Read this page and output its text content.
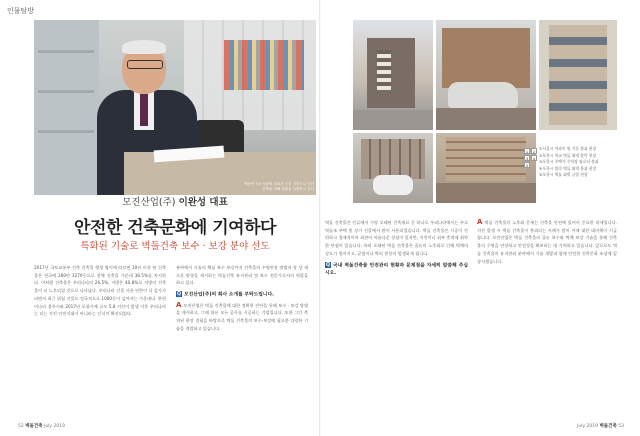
인물탐방
백동연구소 이완성 대표가 포항 지진으로 인한 건축물 피해 상황을 설명하고 있다
모진산업(주) 이완성 대표
안전한 건축문화에 기여하다
특화된 기술로 벽돌건축 보수 · 보강 분야 선도
2017년 국토교통부 건축 건축물 행정 법이에 따르면 30년 이상 된 건축물은 전국에 280만 3270동으로 전체 건축물 가운데 38.5%를 차지한다. 이처럼 건축물은 우리나라의 26.5%, 지방은 40.8%로 지방의 건축물이 더 노후되었 것으로 나타났다. 우리나라 건물 사용 연한이 다 감가가 되면서 최근 위험 건물도 전국적으로 1000동이 넘어서는 가운데다. 한편 이나라 경주시와 2017년 포항시에 규모 5.8 지진이 발생 이후 우리나라는 더는 지진 안전지대가 아니라는 인식이 확산되었다.
분야에서 기술의 핵심 보수 보강까지 건축물의 수명연장 방법과 장 상 새로운 방향을 제시하는 벽돌건축 유지관리 및 보수 전문가로서의 역할을 하고 있다.
Q 모진산업(주)의 회사 소개를 부탁드립니다.
A모진산업은 벽돌 건축물에 대한 정확한 진단을 통해 보수 · 보강 방법을 제시하고, 그에 따른 모든 공사를 시공하는 기업입니다. 또한 그간 축적된 현장 경험을 바탕으로 벽돌 건축물의 보수·보강에 필요한 다양한 기술을 개발하고 있습니다.
1	2
3	4
5
①서울시 아파트 및 기둥 붕괴 현장
②포항시 학교 벽돌 외벽 탈락 현장
③포항시 주택가 주차장 필로티 붕괴
④포항시 빌라 벽돌 외벽 붕괴 현장
⑤포항시 벽돌 외벽 균열 현장
벽돌 건축물은 인류에서 가장 오래된 건축재료 중 하나로 우리나라에서는 주로 벽돌조 주택 및 상가 건물에서 많이 사용되었습니다. 벽돌 건축물은 시공이 간편하고 경제적이며 외관이 아름다운 장점이 있지만, 지진이나 외부 충격에 취약한 단점이 있습니다. 특히 오래된 벽돌 건축물은 줄눈의 노후화로 인해 벽체의 강도가 떨어지고, 균열이나 박리 현상이 발생하게 됩니다.
Q 국내 벽돌건축물 안전관리 현황과 문제점을 자세히 말씀해 주십시오.
A벽돌 건축물의 노후화 문제는 건축물 안전에 있어서 중요한 과제입니다. 지진 발생 시 벽돌 건축물이 붕괴되는 사례가 많아 이에 대한 대비책이 시급합니다. 모진산업은 벽돌 건축물의 줄눈 보수와 벽체 보강 기술을 통해 건축물의 수명을 연장하고 안전성을 확보하는 데 기여하고 있습니다. 앞으로도 벽돌 건축물의 유지관리 분야에서 기술 개발과 함께 안전한 건축문화 조성에 앞장서겠습니다.
52 벽돌건축 July 2019	July 2019 벽돌건축 53
